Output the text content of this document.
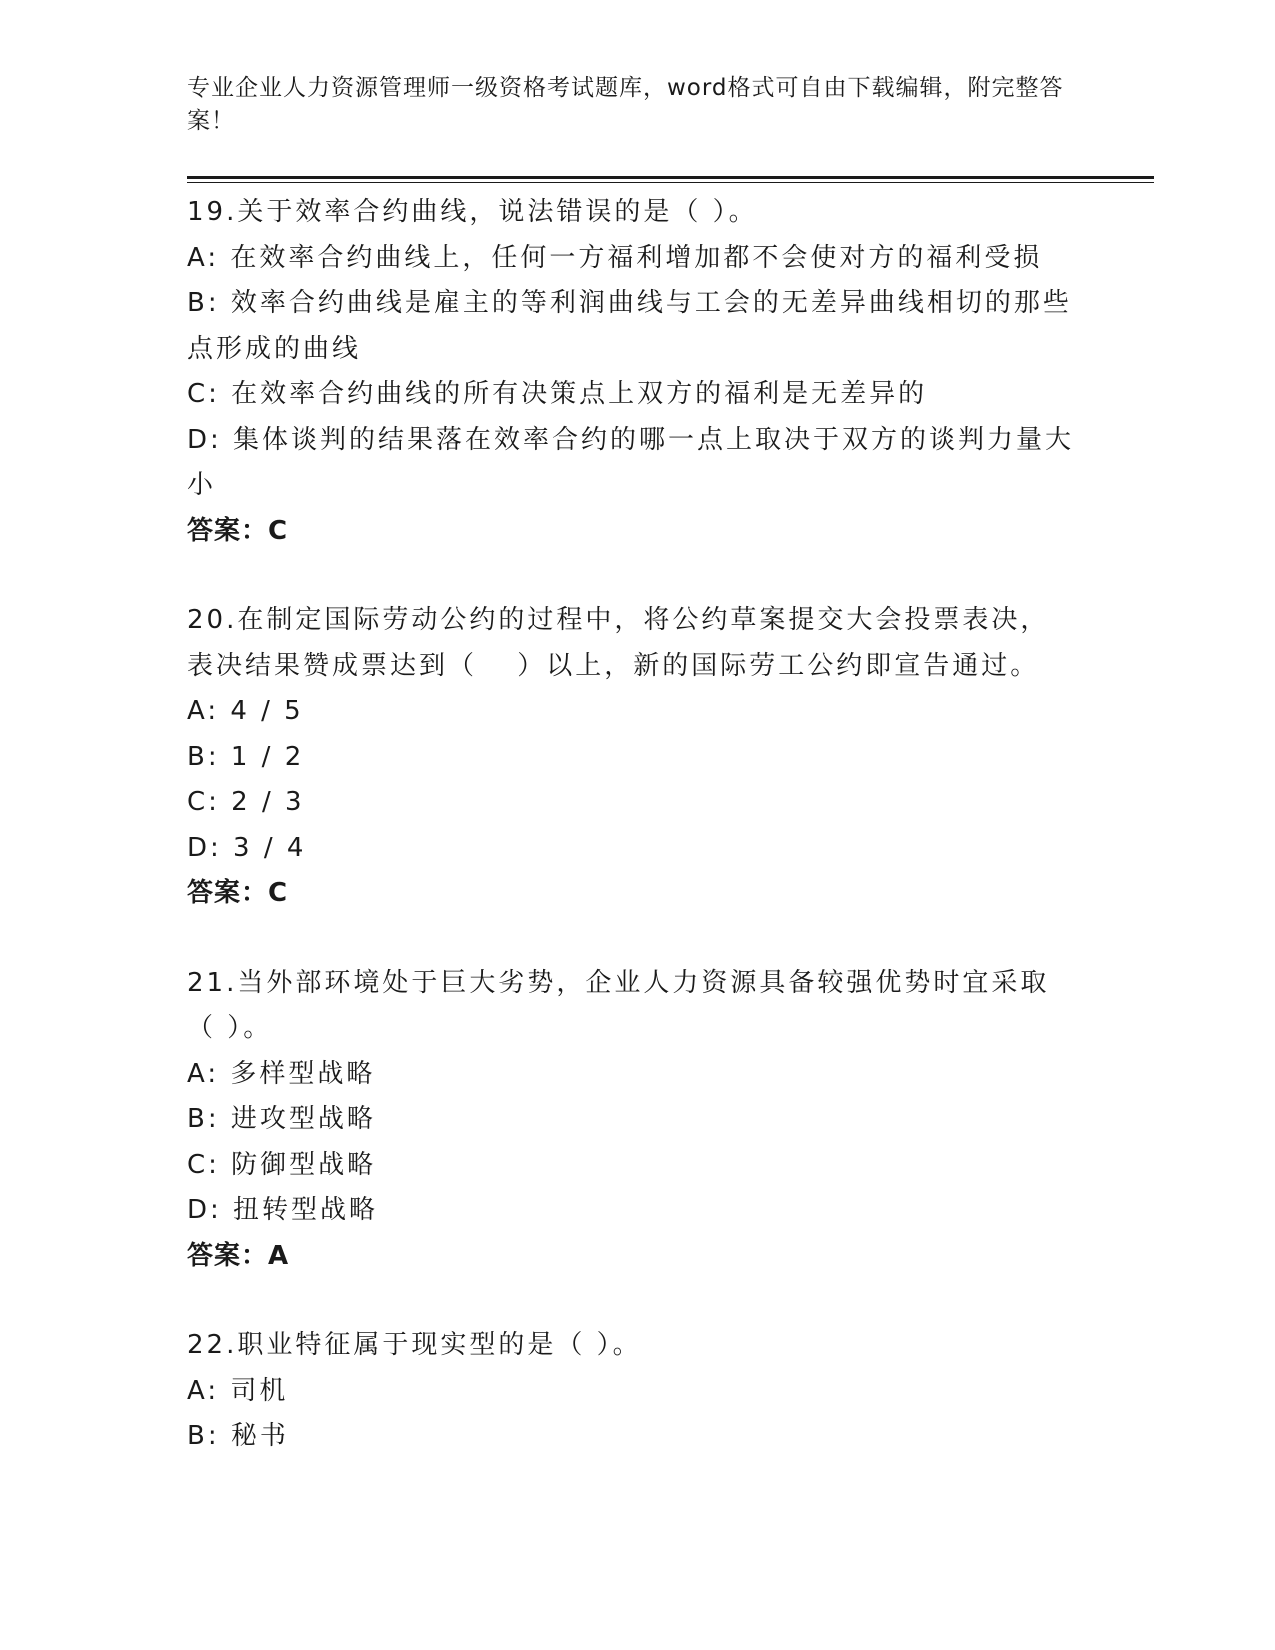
专业企业人力资源管理师一级资格考试题库，word格式可自由下载编辑，附完整答案！
19.关于效率合约曲线，说法错误的是（ ）。
A: 在效率合约曲线上，任何一方福利增加都不会使对方的福利受损
B: 效率合约曲线是雇主的等利润曲线与工会的无差异曲线相切的那些点形成的曲线
C: 在效率合约曲线的所有决策点上双方的福利是无差异的
D: 集体谈判的结果落在效率合约的哪一点上取决于双方的谈判力量大小
答案：C
20.在制定国际劳动公约的过程中，将公约草案提交大会投票表决，表决结果赞成票达到（　 ）以上，新的国际劳工公约即宣告通过。
A: 4 / 5
B: 1 / 2
C: 2 / 3
D: 3 / 4
答案：C
21.当外部环境处于巨大劣势，企业人力资源具备较强优势时宜采取（ ）。
A: 多样型战略
B: 进攻型战略
C: 防御型战略
D: 扭转型战略
答案：A
22.职业特征属于现实型的是（ ）。
A: 司机
B: 秘书
